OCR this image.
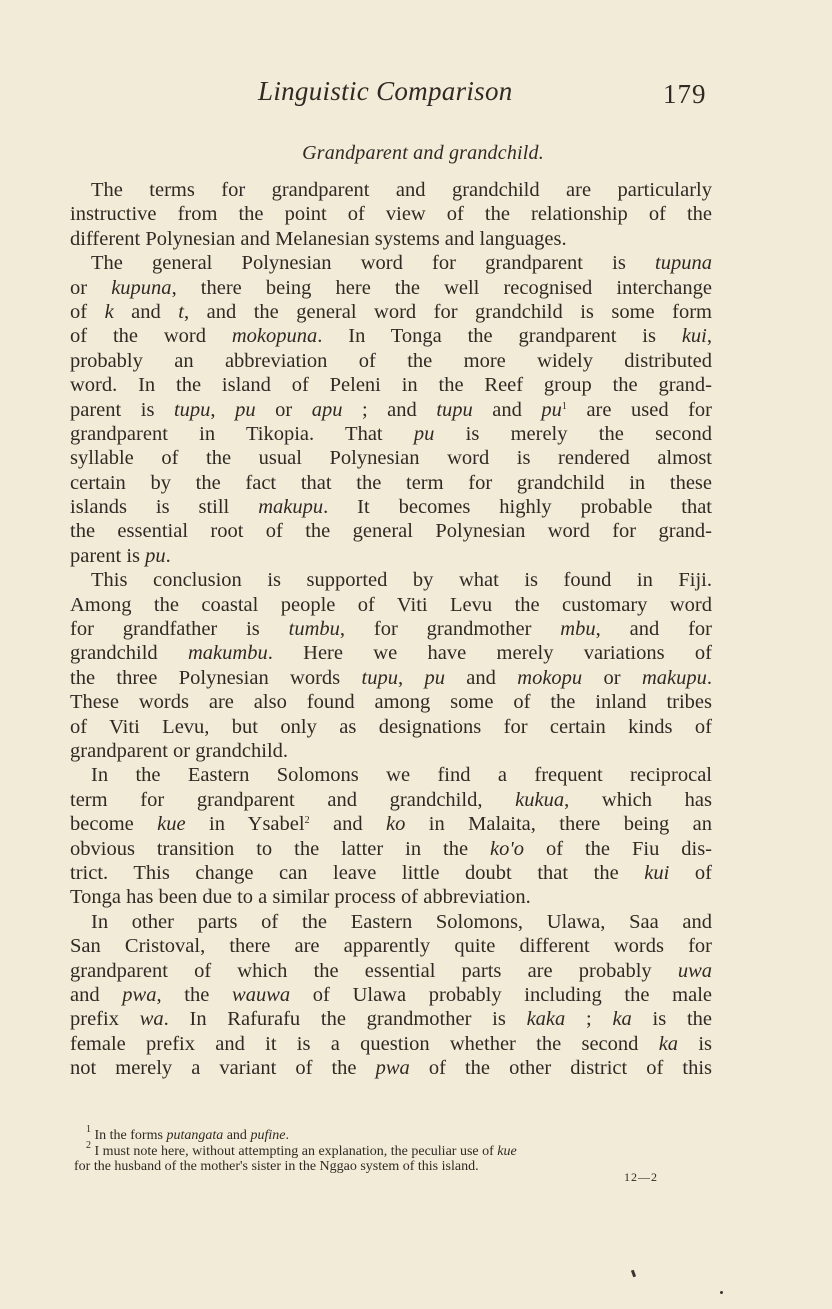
Linguistic Comparison	179
Grandparent and grandchild.
The terms for grandparent and grandchild are particularly
instructive from the point of view of the relationship of the
different Polynesian and Melanesian systems and languages.
The general Polynesian word for grandparent is tupuna
or kupuna, there being here the well recognised interchange
of k and t, and the general word for grandchild is some form
of the word mokopuna. In Tonga the grandparent is kui,
probably an abbreviation of the more widely distributed
word. In the island of Peleni in the Reef group the grand-
parent is tupu, pu or apu ; and tupu and $pu^1$ are used for
grandparent in Tikopia. That pu is merely the second
syllable of the usual Polynesian word is rendered almost
certain by the fact that the term for grandchild in these
islands is still makupu. It becomes highly probable that
the essential root of the general Polynesian word for grand-
parent is pu.
This conclusion is supported by what is found in Fiji.
Among the coastal people of Viti Levu the customary word
for grandfather is tumbu, for grandmother mbu, and for
grandchild makumbu. Here we have merely variations of
the three Polynesian words tupu, pu and mokopu or makupu.
These words are also found among some of the inland tribes
of Viti Levu, but only as designations for certain kinds of
grandparent or grandchild.
In the Eastern Solomons we find a frequent reciprocal
term for grandparent and grandchild, kukua, which has
become kue in Ysabel$^2$ and ko in Malaita, there being an
obvious transition to the latter in the ko'o of the Fiu dis-
trict. This change can leave little doubt that the kui of
Tonga has been due to a similar process of abbreviation.
In other parts of the Eastern Solomons, Ulawa, Saa and
San Cristoval, there are apparently quite different words for
grandparent of which the essential parts are probably uwa
and pwa, the wauwa of Ulawa probably including the male
prefix wa. In Rafurafu the grandmother is kaka ; ka is the
female prefix and it is a question whether the second ka is
not merely a variant of the pwa of the other district of this
$^1$ In the forms putangata and pufine.
$^2$ I must note here, without attempting an explanation, the peculiar use of kue
for the husband of the mother's sister in the Nggao system of this island.
12—2
